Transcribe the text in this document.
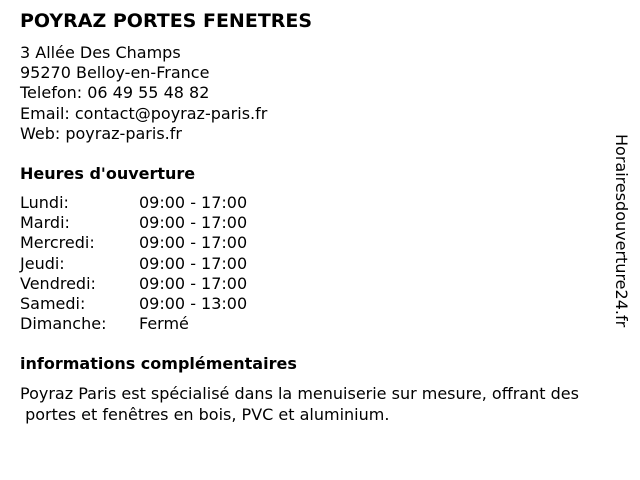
POYRAZ PORTES FENETRES
3 Allée Des Champs
95270 Belloy-en-France
Telefon: 06 49 55 48 82
Email: contact@poyraz-paris.fr
Web: poyraz-paris.fr
Heures d'ouverture
Lundi:	09:00 - 17:00
Mardi:	09:00 - 17:00
Mercredi:	09:00 - 17:00
Jeudi:	09:00 - 17:00
Vendredi:	09:00 - 17:00
Samedi:	09:00 - 13:00
Dimanche: Fermé
informations complémentaires
Poyraz Paris est spécialisé dans la menuiserie sur mesure, offrant des
portes et fenêtres en bois, PVC et aluminium.
Horairesdouverture24.fr
